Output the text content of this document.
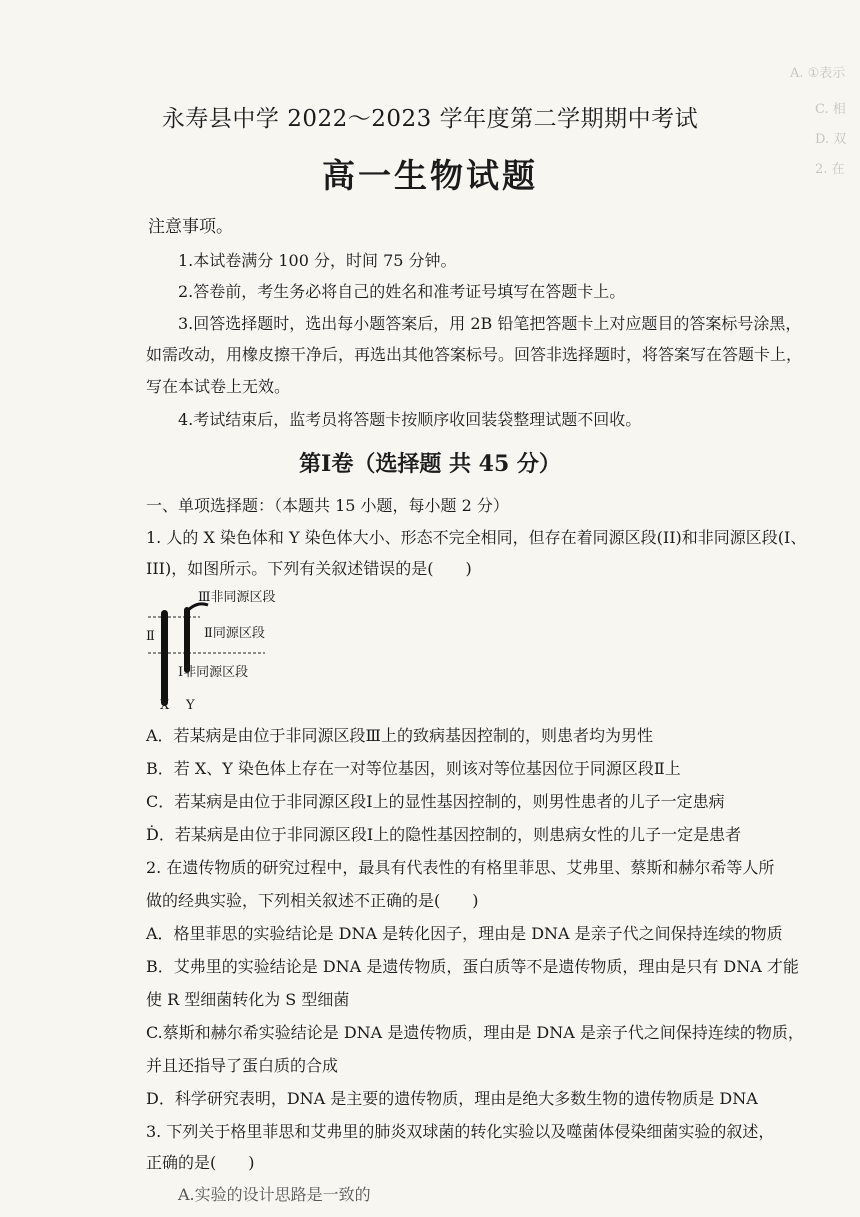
A. ①表示
C. 相
D. 双
2. 在
永寿县中学 2022～2023 学年度第二学期期中考试
高一生物试题
注意事项。
1.本试卷满分 100 分，时间 75 分钟。
2.答卷前，考生务必将自己的姓名和准考证号填写在答题卡上。
3.回答选择题时，选出每小题答案后，用 2B 铅笔把答题卡上对应题目的答案标号涂黑，
如需改动，用橡皮擦干净后，再选出其他答案标号。回答非选择题时，将答案写在答题卡上，
写在本试卷上无效。
4.考试结束后，监考员将答题卡按顺序收回装袋整理试题不回收。
第Ⅰ卷（选择题 共 45 分）
一、单项选择题：（本题共 15 小题，每小题 2 分）
1. 人的 X 染色体和 Y 染色体大小、形态不完全相同，但存在着同源区段(II)和非同源区段(I、
III)，如图所示。下列有关叙述错误的是(　　)
Ⅲ非同源区段
Ⅱ同源区段
Ⅱ
Ⅰ非同源区段
X Y
A．若某病是由位于非同源区段Ⅲ上的致病基因控制的，则患者均为男性
B．若 X、Y 染色体上存在一对等位基因，则该对等位基因位于同源区段Ⅱ上
C．若某病是由位于非同源区段Ⅰ上的显性基因控制的，则男性患者的儿子一定患病
Ḋ．若某病是由位于非同源区段Ⅰ上的隐性基因控制的，则患病女性的儿子一定是患者
2. 在遗传物质的研究过程中，最具有代表性的有格里菲思、艾弗里、蔡斯和赫尔希等人所
做的经典实验，下列相关叙述不正确的是(　　)
A．格里菲思的实验结论是 DNA 是转化因子，理由是 DNA 是亲子代之间保持连续的物质
B．艾弗里的实验结论是 DNA 是遗传物质，蛋白质等不是遗传物质，理由是只有 DNA 才能
使 R 型细菌转化为 S 型细菌
C.蔡斯和赫尔希实验结论是 DNA 是遗传物质，理由是 DNA 是亲子代之间保持连续的物质，
并且还指导了蛋白质的合成
D．科学研究表明，DNA 是主要的遗传物质，理由是绝大多数生物的遗传物质是 DNA
3. 下列关于格里菲思和艾弗里的肺炎双球菌的转化实验以及噬菌体侵染细菌实验的叙述，
正确的是(　　)
A.实验的设计思路是一致的
